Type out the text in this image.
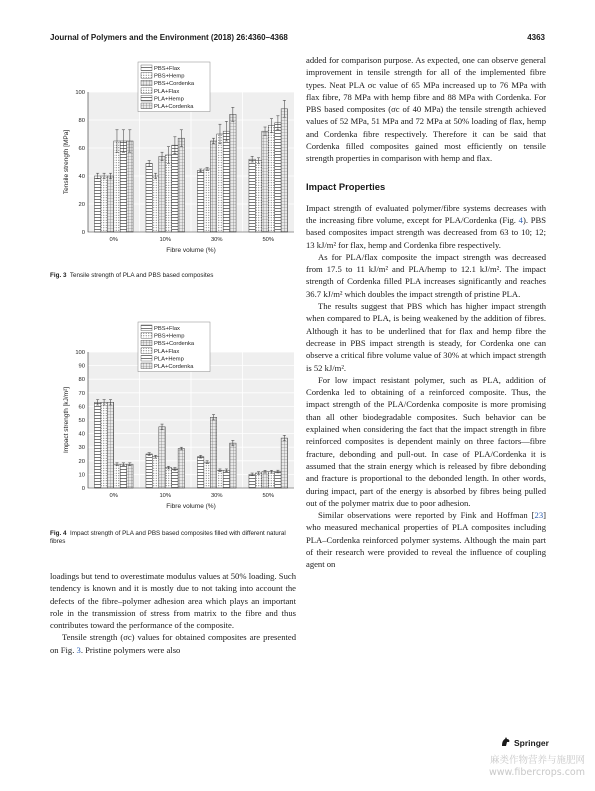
Journal of Polymers and the Environment (2018) 26:4360–4368	4363
0
20
40
60
80
100
0%	10%	30%	50%
Fibre volume (%)
Tensile strength [MPa]
PBS+Flax
PBS+Hemp
PBS+Cordenka
PLA+Flax
PLA+Hemp
PLA+Cordenka
Fig. 3 Tensile strength of PLA and PBS based composites
0
10
20
30
40
50
60
70
80
90
100
0%	10%	30%	50%
Fibre volume (%)
Impact strength [kJ/m²]
PBS+Flax
PBS+Hemp
PBS+Cordenka
PLA+Flax
PLA+Hemp
PLA+Cordenka
Fig. 4 Impact strength of PLA and PBS based composites filled with different natural fibres

loadings but tend to overestimate modulus values at 50% loading. Such tendency is known and it is mostly due to not taking into account the defects of the fibre–polymer adhesion area which plays an important role in the transmission of stress from matrix to the fibre and thus contributes toward the performance of the composite.

Tensile strength (σc) values for obtained composites are presented on Fig. 3. Pristine polymers were also

added for comparison purpose. As expected, one can observe general improvement in tensile strength for all of the implemented fibre types. Neat PLA σc value of 65 MPa increased up to 76 MPa with flax fibre, 78 MPa with hemp fibre and 88 MPa with Cordenka. For PBS based composites (σc of 40 MPa) the tensile strength achieved values of 52 MPa, 51 MPa and 72 MPa at 50% loading of flax, hemp and Cordenka fibre respectively. Therefore it can be said that Cordenka filled composites gained most efficiently on tensile strength properties in comparison with hemp and flax.

Impact Properties

Impact strength of evaluated polymer/fibre systems decreases with the increasing fibre volume, except for PLA/Cordenka (Fig. 4). PBS based composites impact strength was decreased from 63 to 10; 12; 13 kJ/m² for flax, hemp and Cordenka fibre respectively.

As for PLA/flax composite the impact strength was decreased from 17.5 to 11 kJ/m² and PLA/hemp to 12.1 kJ/m². The impact strength of Cordenka filled PLA increases significantly and reaches 36.7 kJ/m² which doubles the impact strength of pristine PLA.

The results suggest that PBS which has higher impact strength when compared to PLA, is being weakened by the addition of fibres. Although it has to be underlined that for flax and hemp fibre the decrease in PBS impact strength is steady, for Cordenka one can observe a critical fibre volume value of 30% at which impact strength is 52 kJ/m².

For low impact resistant polymer, such as PLA, addition of Cordenka led to obtaining of a reinforced composite. Thus, the impact strength of the PLA/Cordenka composite is more promising than all other biodegradable composites. Such behavior can be explained when considering the fact that the impact strength in fibre reinforced composites is dependent mainly on three factors—fibre fracture, debonding and pull-out. In case of PLA/Cordenka it is assumed that the strain energy which is released by fibre debonding and fracture is proportional to the debonded length. In other words, during impact, part of the energy is absorbed by fibres being pulled out of the polymer matrix due to poor adhesion.

Similar observations were reported by Fink and Hoffman [23] who measured mechanical properties of PLA composites including PLA–Cordenka reinforced polymer systems. Although the main part of their research were provided to reveal the influence of coupling agent on

Springer
麻类作物营养与施肥网
www.fibercrops.com
